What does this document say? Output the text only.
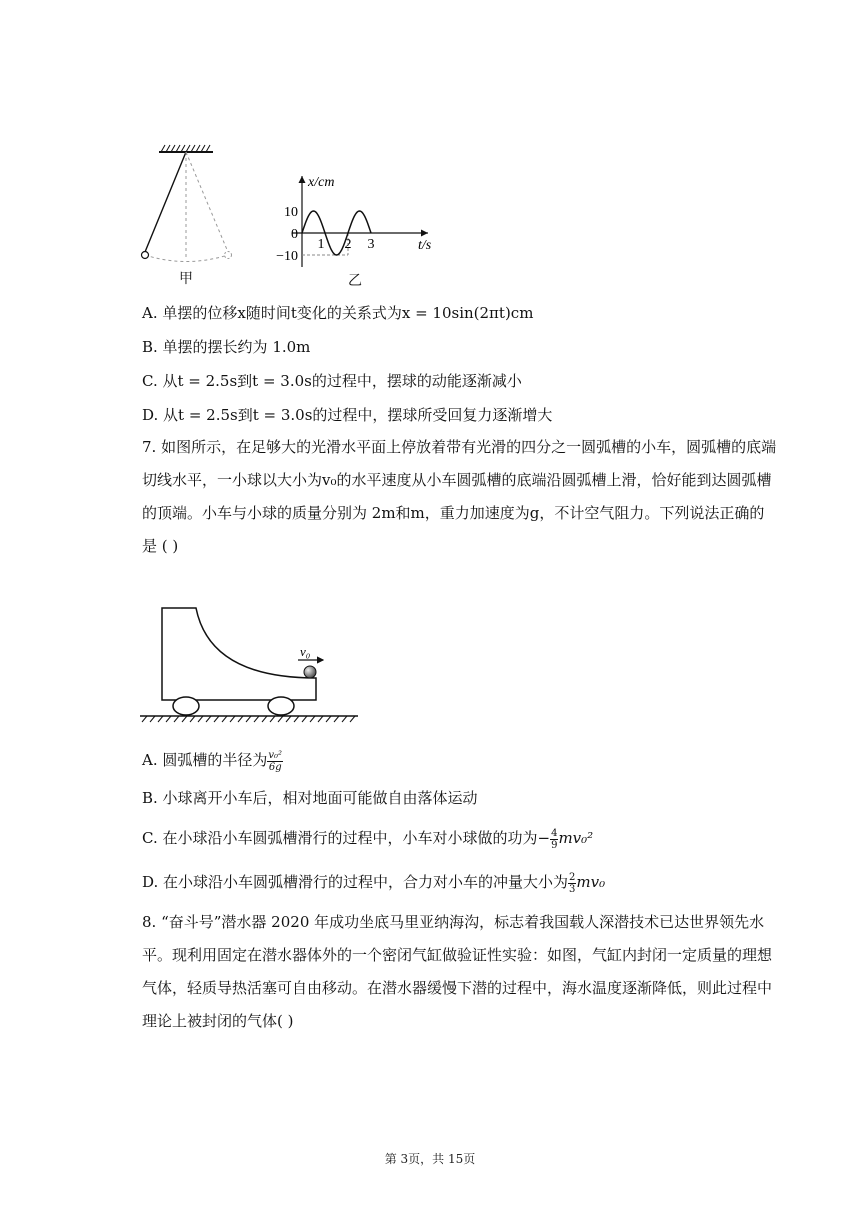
甲
x/cm
t/s
10
0
−10
1 2 3
乙
A. 单摆的位移x随时间t变化的关系式为x = 10sin(2πt)cm
B. 单摆的摆长约为 1.0m
C. 从t = 2.5s到t = 3.0s的过程中，摆球的动能逐渐减小
D. 从t = 2.5s到t = 3.0s的过程中，摆球所受回复力逐渐增大
7. 如图所示，在足够大的光滑水平面上停放着带有光滑的四分之一圆弧槽的小车，圆弧槽的底端切线水平，一小球以大小为v₀的水平速度从小车圆弧槽的底端沿圆弧槽上滑，恰好能到达圆弧槽的顶端。小车与小球的质量分别为 2m和m，重力加速度为g，不计空气阻力。下列说法正确的是 ( )
v₀
A. 圆弧槽的半径为 $\frac{\text{v₀²}}{6g}$
B. 小球离开小车后，相对地面可能做自由落体运动
C. 在小球沿小车圆弧槽滑行的过程中，小车对小球做的功为− $\frac{4}{9} mv_0^2$
D. 在小球沿小车圆弧槽滑行的过程中，合力对小车的冲量大小为 $\frac{2}{3} mv_0$
8. “奋斗号”潜水器 2020 年成功坐底马里亚纳海沟，标志着我国载人深潜技术已达世界领先水平。现利用固定在潜水器体外的一个密闭气缸做验证性实验：如图，气缸内封闭一定质量的理想气体，轻质导热活塞可自由移动。在潜水器缓慢下潜的过程中，海水温度逐渐降低，则此过程中理论上被封闭的气体( )
第 3页，共 15页
